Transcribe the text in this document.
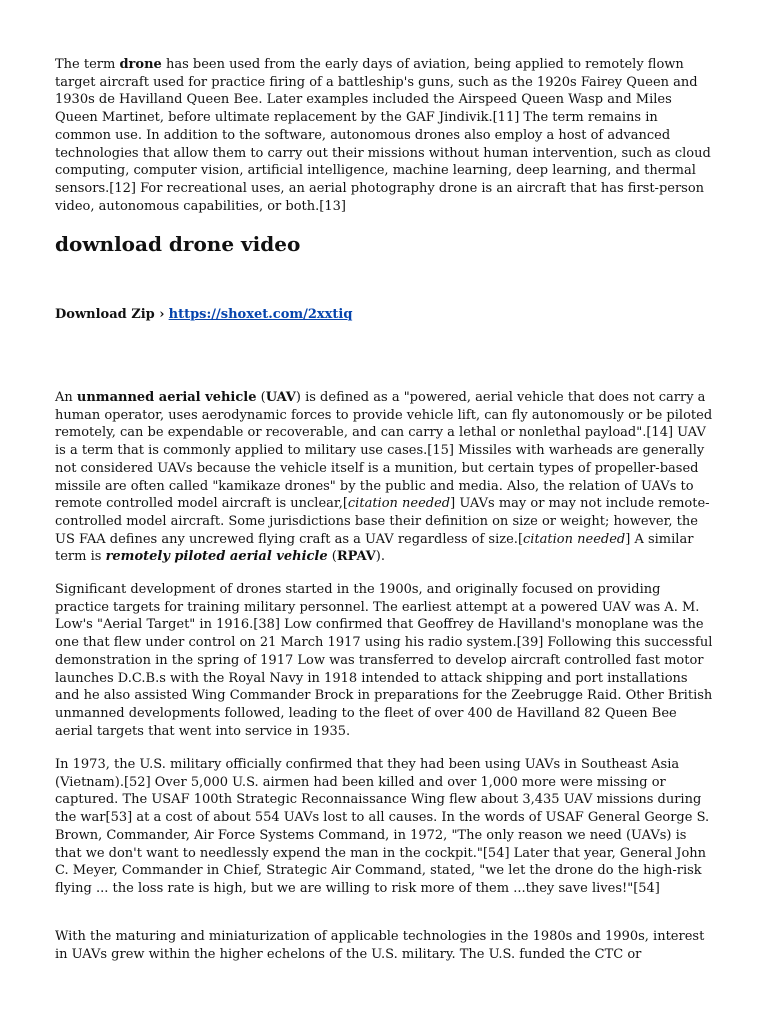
The term drone has been used from the early days of aviation, being applied to remotely flown target aircraft used for practice firing of a battleship's guns, such as the 1920s Fairey Queen and 1930s de Havilland Queen Bee. Later examples included the Airspeed Queen Wasp and Miles Queen Martinet, before ultimate replacement by the GAF Jindivik.[11] The term remains in common use. In addition to the software, autonomous drones also employ a host of advanced technologies that allow them to carry out their missions without human intervention, such as cloud computing, computer vision, artificial intelligence, machine learning, deep learning, and thermal sensors.[12] For recreational uses, an aerial photography drone is an aircraft that has first-person video, autonomous capabilities, or both.[13]

download drone video
Download Zip › https://shoxet.com/2xxtiq

An unmanned aerial vehicle (UAV) is defined as a "powered, aerial vehicle that does not carry a human operator, uses aerodynamic forces to provide vehicle lift, can fly autonomously or be piloted remotely, can be expendable or recoverable, and can carry a lethal or nonlethal payload".[14] UAV is a term that is commonly applied to military use cases.[15] Missiles with warheads are generally not considered UAVs because the vehicle itself is a munition, but certain types of propeller-based missile are often called "kamikaze drones" by the public and media. Also, the relation of UAVs to remote controlled model aircraft is unclear,[citation needed] UAVs may or may not include remote-controlled model aircraft. Some jurisdictions base their definition on size or weight; however, the US FAA defines any uncrewed flying craft as a UAV regardless of size.[citation needed] A similar term is remotely piloted aerial vehicle (RPAV).

Significant development of drones started in the 1900s, and originally focused on providing practice targets for training military personnel. The earliest attempt at a powered UAV was A. M. Low's "Aerial Target" in 1916.[38] Low confirmed that Geoffrey de Havilland's monoplane was the one that flew under control on 21 March 1917 using his radio system.[39] Following this successful demonstration in the spring of 1917 Low was transferred to develop aircraft controlled fast motor launches D.C.B.s with the Royal Navy in 1918 intended to attack shipping and port installations and he also assisted Wing Commander Brock in preparations for the Zeebrugge Raid. Other British unmanned developments followed, leading to the fleet of over 400 de Havilland 82 Queen Bee aerial targets that went into service in 1935.

In 1973, the U.S. military officially confirmed that they had been using UAVs in Southeast Asia (Vietnam).[52] Over 5,000 U.S. airmen had been killed and over 1,000 more were missing or captured. The USAF 100th Strategic Reconnaissance Wing flew about 3,435 UAV missions during the war[53] at a cost of about 554 UAVs lost to all causes. In the words of USAF General George S. Brown, Commander, Air Force Systems Command, in 1972, "The only reason we need (UAVs) is that we don't want to needlessly expend the man in the cockpit."[54] Later that year, General John C. Meyer, Commander in Chief, Strategic Air Command, stated, "we let the drone do the high-risk flying ... the loss rate is high, but we are willing to risk more of them ...they save lives!"[54]

With the maturing and miniaturization of applicable technologies in the 1980s and 1990s, interest in UAVs grew within the higher echelons of the U.S. military. The U.S. funded the CTC or
